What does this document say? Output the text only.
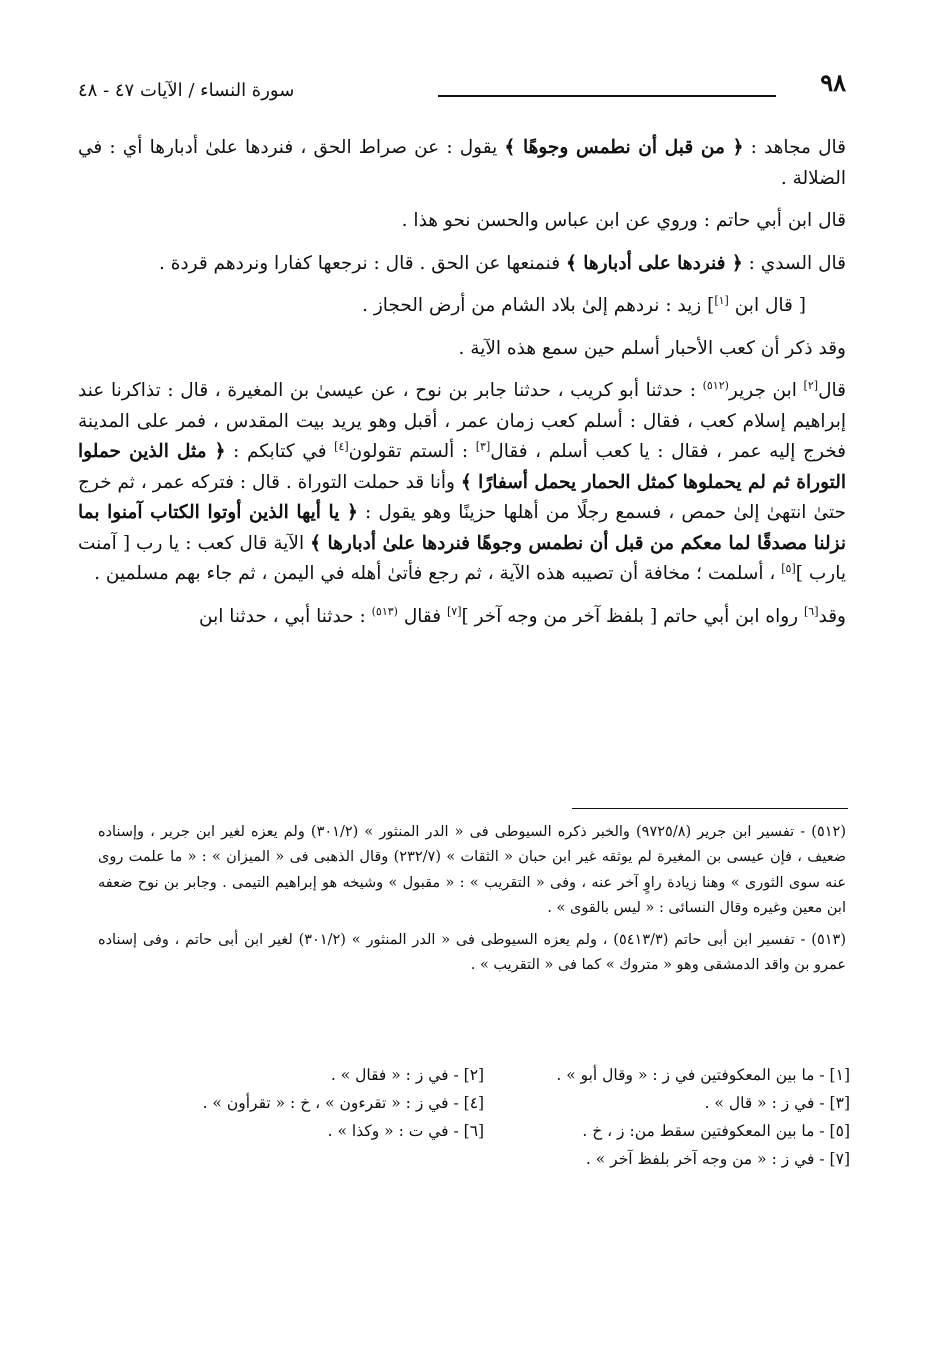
٩٨
سورة النساء / الآيات ٤٧ - ٤٨

قال مجاهد : ﴿ من قبل أن نطمس وجوهًا ﴾ يقول : عن صراط الحق ، فنردها علىٰ أدبارها أي : في الضلالة .

قال ابن أبي حاتم : وروي عن ابن عباس والحسن نحو هذا .

قال السدي : ﴿ فنردها على أدبارها ﴾ فنمنعها عن الحق . قال : نرجعها كفارا ونردهم قردة .

[ قال ابن [١]] زيد : نردهم إلىٰ بلاد الشام من أرض الحجاز .

وقد ذكر أن كعب الأحبار أسلم حين سمع هذه الآية .

قال[٢] ابن جرير$^{(٥١٢)}$ : حدثنا أبو كريب ، حدثنا جابر بن نوح ، عن عيسىٰ بن المغيرة ، قال : تذاكرنا عند إبراهيم إسلام كعب ، فقال : أسلم كعب زمان عمر ، أقبل وهو يريد بيت المقدس ، فمر على المدينة فخرج إليه عمر ، فقال : يا كعب أسلم ، فقال[٣] : ألستم تقولون[٤] في كتابكم : ﴿ مثل الذين حملوا التوراة ثم لم يحملوها كمثل الحمار يحمل أسفارًا ﴾ وأنا قد حملت التوراة . قال : فتركه عمر ، ثم خرج حتىٰ انتهىٰ إلىٰ حمص ، فسمع رجلًا من أهلها حزينًا وهو يقول : ﴿ يا أيها الذين أوتوا الكتاب آمنوا بما نزلنا مصدقًا لما معكم من قبل أن نطمس وجوهًا فنردها علىٰ أدبارها ﴾ الآية قال كعب : يا رب [ آمنت يارب ][٥] ، أسلمت ؛ مخافة أن تصيبه هذه الآية ، ثم رجع فأتىٰ أهله في اليمن ، ثم جاء بهم مسلمين .

وقد[٦] رواه ابن أبي حاتم [ بلفظ آخر من وجه آخر ][٧] فقال $^{(٥١٣)}$ : حدثنا أبي ، حدثنا ابن

(٥١٢) - تفسير ابن جرير (٩٧٢٥/٨) والخبر ذكره السيوطى فى « الدر المنثور » (٣٠١/٢) ولم يعزه لغير ابن جرير ، وإسناده ضعيف ، فإن عيسى بن المغيرة لم يوثقه غير ابن حبان « الثقات » (٢٣٢/٧) وقال الذهبى فى « الميزان » : « ما علمت روى عنه سوى الثورى » وهنا زيادة راوٍ آخر عنه ، وفى « التقريب » : « مقبول » وشيخه هو إبراهيم التيمى . وجابر بن نوح ضعفه ابن معين وغيره وقال النسائى : « ليس بالقوى » .

(٥١٣) - تفسير ابن أبى حاتم (٥٤١٣/٣) ، ولم يعزه السيوطى فى « الدر المنثور » (٣٠١/٢) لغير ابن أبى حاتم ، وفى إسناده عمرو بن واقد الدمشقى وهو « متروك » كما فى « التقريب » .

[١] - ما بين المعكوفتين في ز : « وقال أبو » .
[٣] - في ز : « قال » .
[٥] - ما بين المعكوفتين سقط من: ز ، خ .
[٧] - في ز : « من وجه آخر بلفظ آخر » .

[٢] - في ز : « فقال » .
[٤] - في ز : « تقرءون » ، خ : « تقرأون » .
[٦] - في ت : « وكذا » .
